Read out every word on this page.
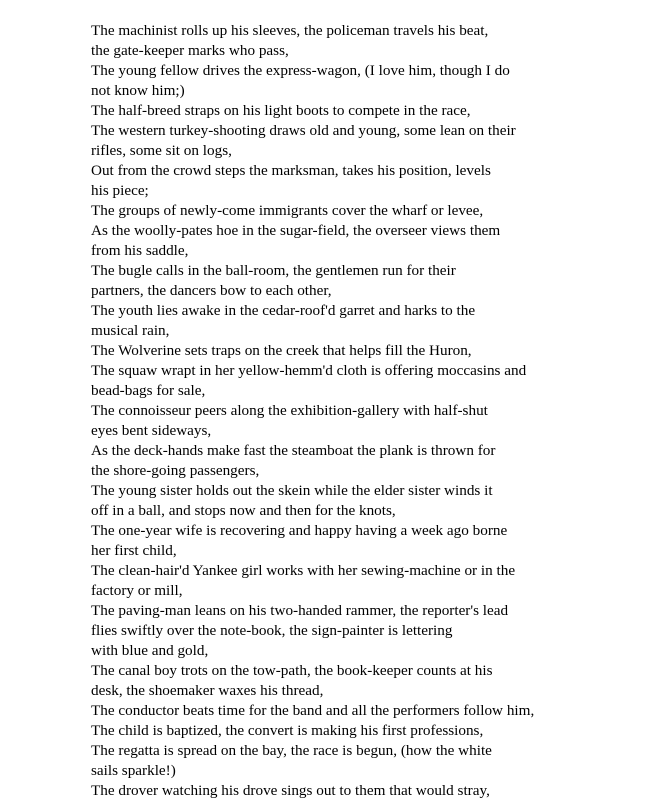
The machinist rolls up his sleeves, the policeman travels his beat,
the gate-keeper marks who pass,
The young fellow drives the express-wagon, (I love him, though I do
not know him;)
The half-breed straps on his light boots to compete in the race,
The western turkey-shooting draws old and young, some lean on their
rifles, some sit on logs,
Out from the crowd steps the marksman, takes his position, levels
his piece;
The groups of newly-come immigrants cover the wharf or levee,
As the woolly-pates hoe in the sugar-field, the overseer views them
from his saddle,
The bugle calls in the ball-room, the gentlemen run for their
partners, the dancers bow to each other,
The youth lies awake in the cedar-roof'd garret and harks to the
musical rain,
The Wolverine sets traps on the creek that helps fill the Huron,
The squaw wrapt in her yellow-hemm'd cloth is offering moccasins and
bead-bags for sale,
The connoisseur peers along the exhibition-gallery with half-shut
eyes bent sideways,
As the deck-hands make fast the steamboat the plank is thrown for
the shore-going passengers,
The young sister holds out the skein while the elder sister winds it
off in a ball, and stops now and then for the knots,
The one-year wife is recovering and happy having a week ago borne
her first child,
The clean-hair'd Yankee girl works with her sewing-machine or in the
factory or mill,
The paving-man leans on his two-handed rammer, the reporter's lead
flies swiftly over the note-book, the sign-painter is lettering
with blue and gold,
The canal boy trots on the tow-path, the book-keeper counts at his
desk, the shoemaker waxes his thread,
The conductor beats time for the band and all the performers follow him,
The child is baptized, the convert is making his first professions,
The regatta is spread on the bay, the race is begun, (how the white
sails sparkle!)
The drover watching his drove sings out to them that would stray,
